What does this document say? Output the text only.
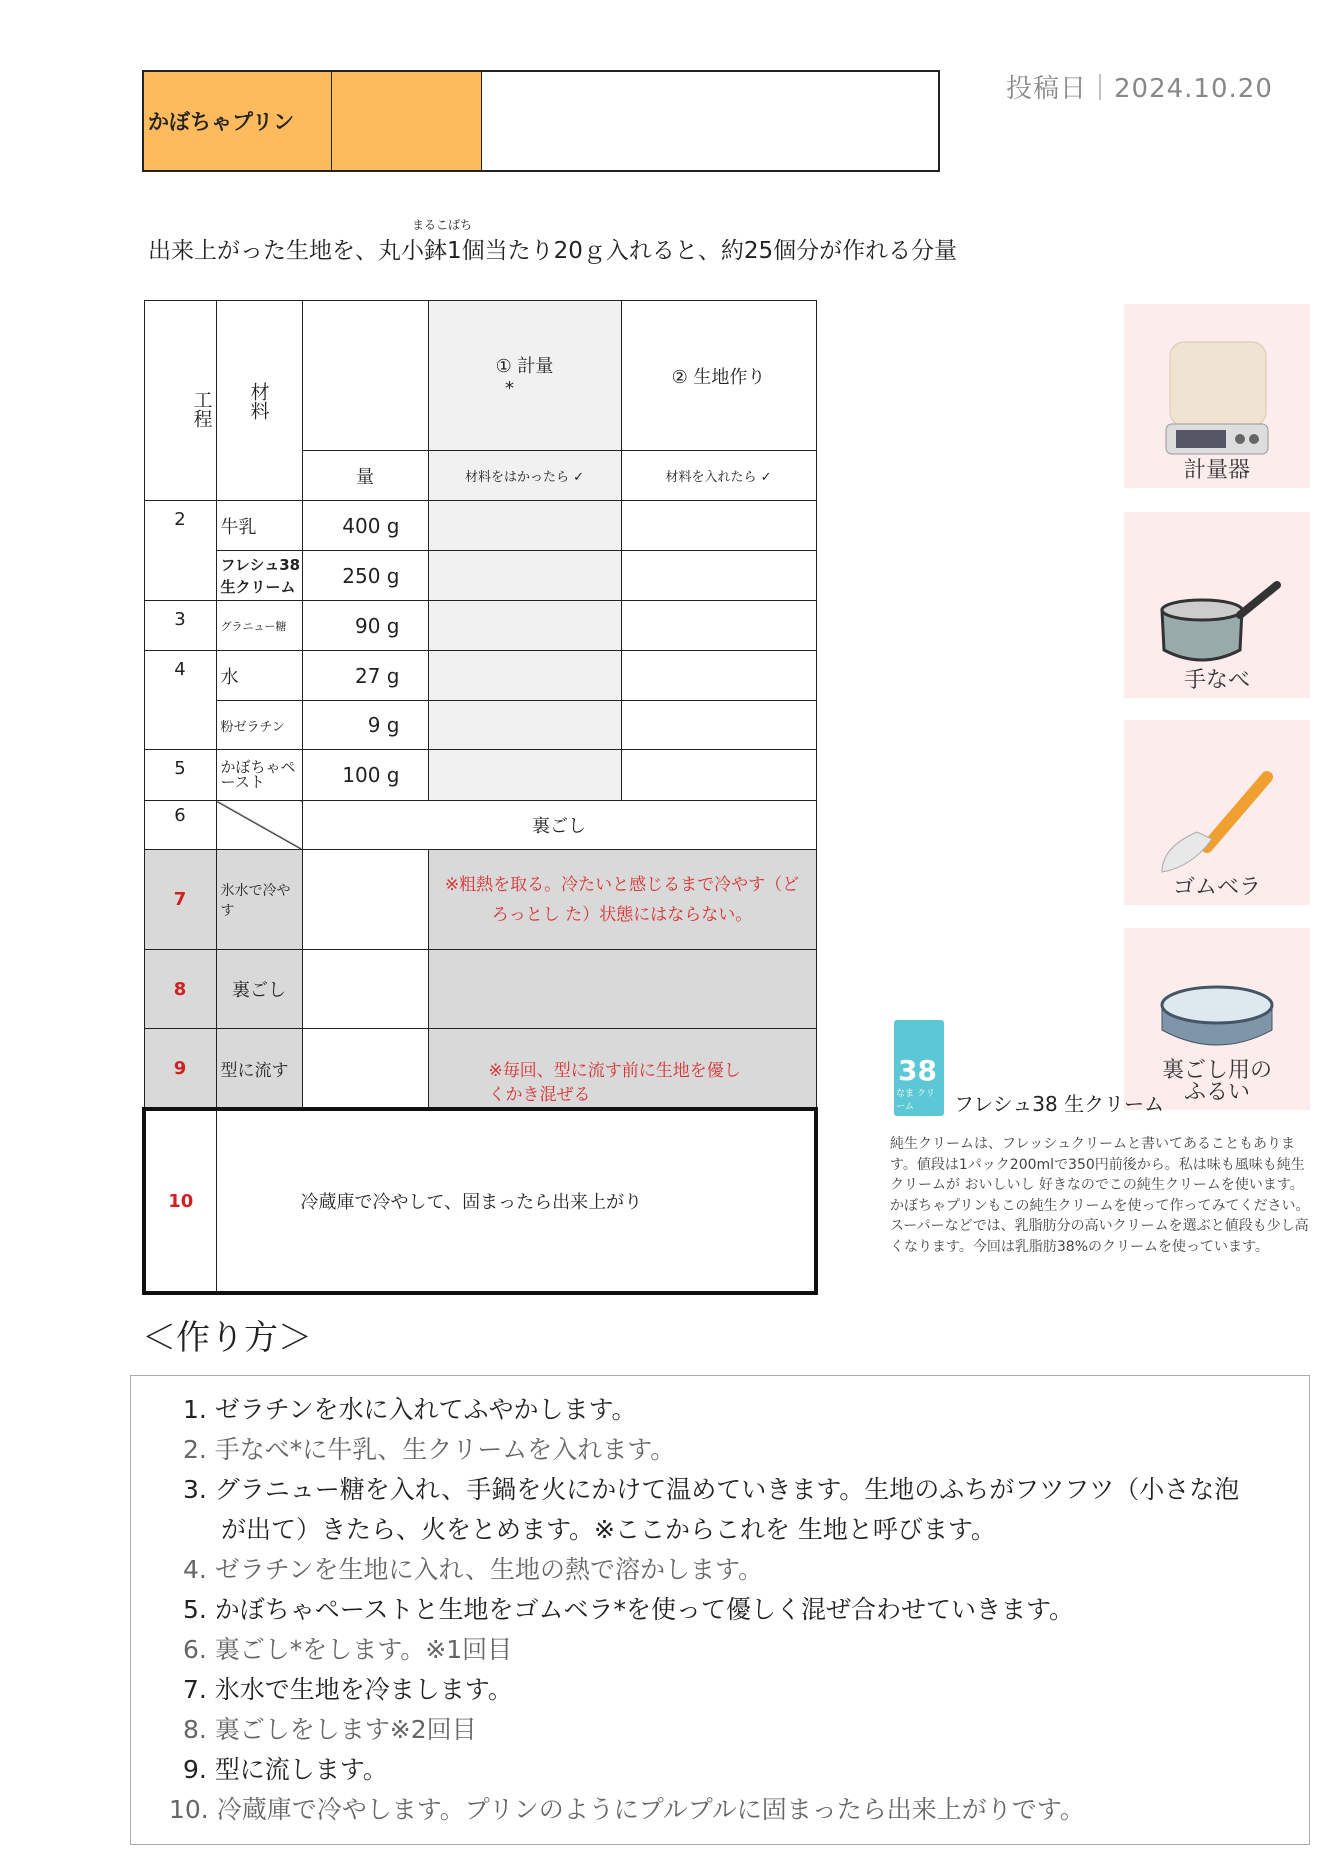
かぼちゃプリン
投稿日｜2024.10.20
まるこばち
出来上がった生地を、丸小鉢1個当たり20ｇ入れると、約25個分が作れる分量
工程	材料		① 計量
*	② 生地作り
		量	材料をはかったら ✓	材料を入れたら ✓
2	牛乳	400 g		
	フレシュ38 生クリーム	250 g		
3	グラニュー糖	90 g		
4	水	27 g		
	粉ゼラチン	9 g		
5	かぼちゃペースト	100 g		
6		裏ごし		
7	氷水で冷やす		※粗熱を取る。冷たいと感じるまで冷やす（どろっとし た）状態にはならない。	
8	裏ごし			
9	型に流す		※毎回、型に流す前に生地を優しくかき混ぜる	
10	冷蔵庫で冷やして、固まったら出来上がり			
計量器
手なべ
ゴムベラ
裏ごし用のふるい
38
なま クリーム	フレシュ38 生クリーム
純生クリームは、フレッシュクリームと書いてあることもあります。値段は1パック200mlで350円前後から。私は味も風味も純生クリームが おいしいし 好きなのでこの純生クリームを使います。かぼちゃプリンもこの純生クリームを使って作ってみてください。スーパーなどでは、乳脂肪分の高いクリームを選ぶと値段も少し高くなります。今回は乳脂肪38%のクリームを使っています。
＜作り方＞
1. ゼラチンを水に入れてふやかします。
2. 手なべ*に牛乳、生クリームを入れます。
3. グラニュー糖を入れ、手鍋を火にかけて温めていきます。生地のふちがフツフツ（小さな泡が出て）きたら、火をとめます。※ここからこれを 生地と呼びます。
4. ゼラチンを生地に入れ、生地の熱で溶かします。
5. かぼちゃペーストと生地をゴムベラ*を使って優しく混ぜ合わせていきます。
6. 裏ごし*をします。※1回目
7. 氷水で生地を冷まします。
8. 裏ごしをします※2回目
9. 型に流します。
10. 冷蔵庫で冷やします。プリンのようにプルプルに固まったら出来上がりです。
